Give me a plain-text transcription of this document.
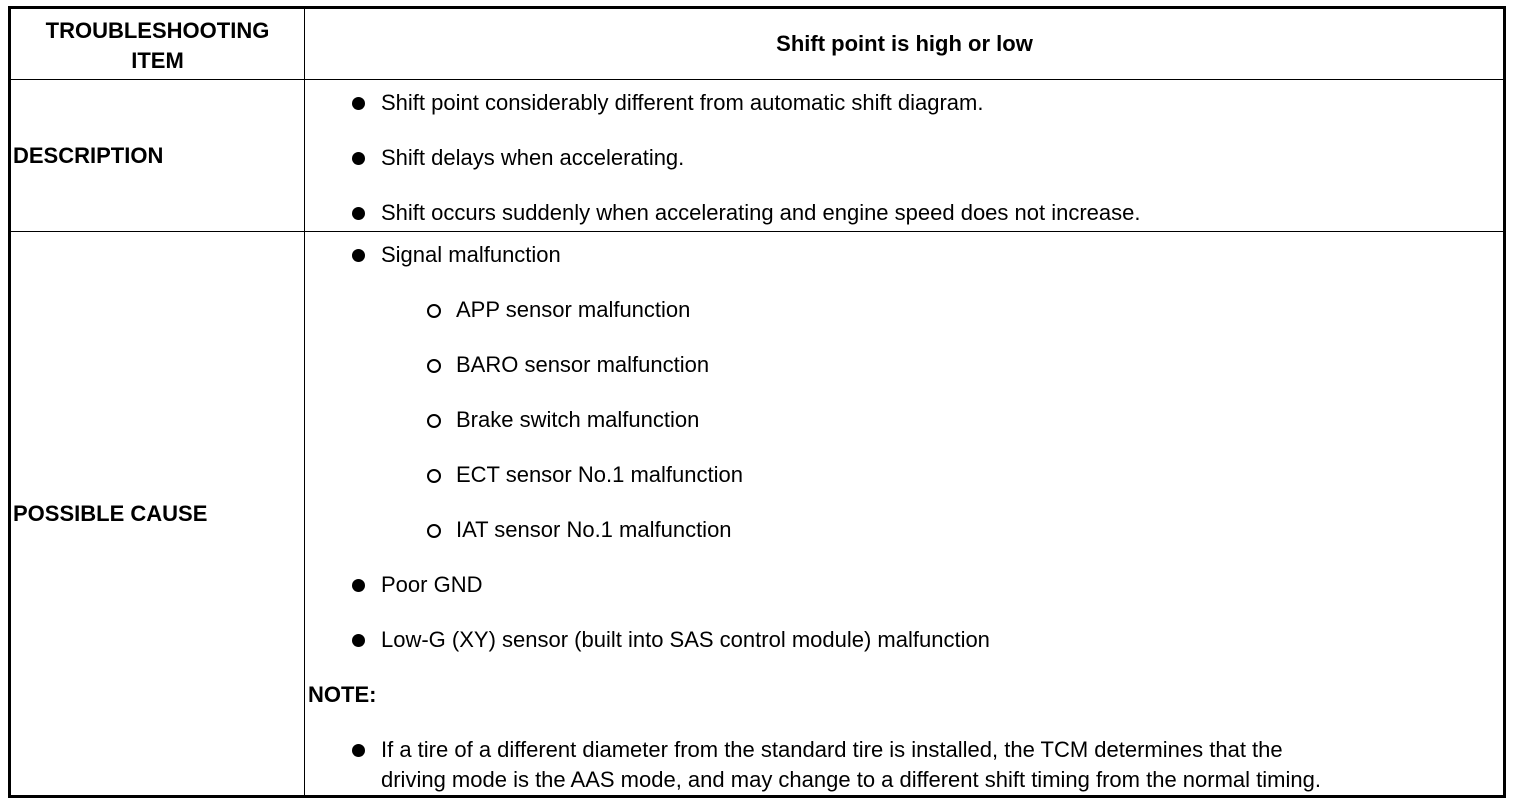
TROUBLESHOOTING ITEM
Shift point is high or low
DESCRIPTION
Shift point considerably different from automatic shift diagram.
Shift delays when accelerating.
Shift occurs suddenly when accelerating and engine speed does not increase.
POSSIBLE CAUSE
Signal malfunction
APP sensor malfunction
BARO sensor malfunction
Brake switch malfunction
ECT sensor No.1 malfunction
IAT sensor No.1 malfunction
Poor GND
Low-G (XY) sensor (built into SAS control module) malfunction
NOTE:
If a tire of a different diameter from the standard tire is installed, the TCM determines that the
driving mode is the AAS mode, and may change to a different shift timing from the normal timing.
